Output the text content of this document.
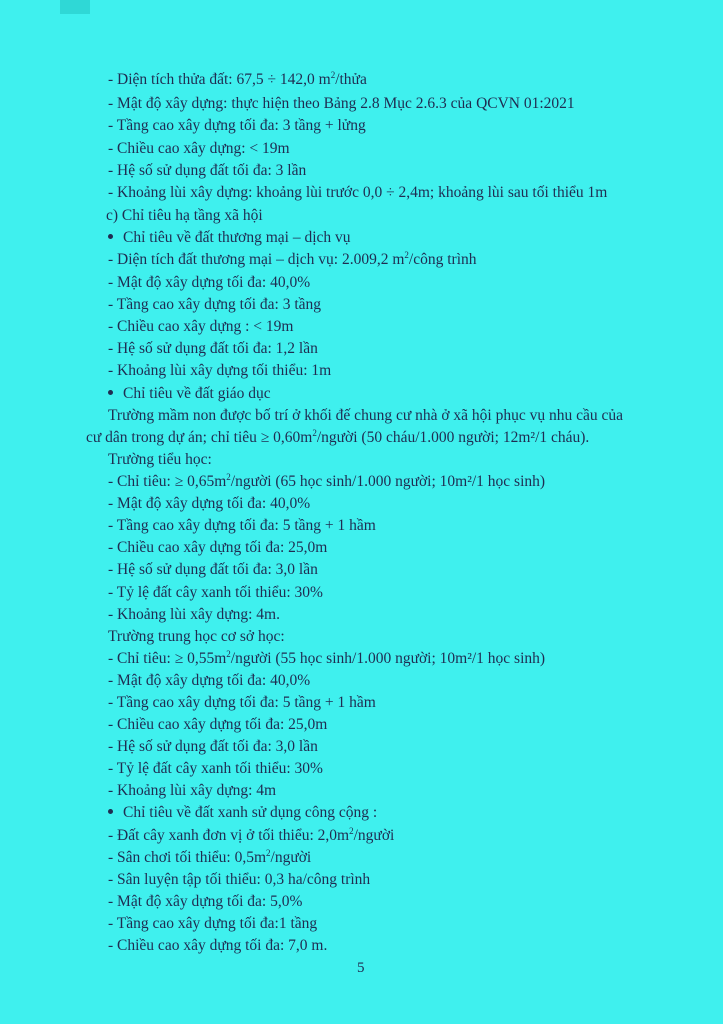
- Diện tích thửa đất: 67,5 ÷ 142,0 $m^2$/thửa
- Mật độ xây dựng: thực hiện theo Bảng 2.8 Mục 2.6.3 của QCVN 01:2021
- Tầng cao xây dựng tối đa: 3 tầng + lửng
- Chiều cao xây dựng: < 19m
- Hệ số sử dụng đất tối đa: 3 lần
- Khoảng lùi xây dựng: khoảng lùi trước 0,0 ÷ 2,4m; khoảng lùi sau tối thiểu 1m
c) Chỉ tiêu hạ tầng xã hội
Chỉ tiêu về đất thương mại – dịch vụ
- Diện tích đất thương mại – dịch vụ: 2.009,2 $m^2$/công trình
- Mật độ xây dựng tối đa: 40,0%
- Tầng cao xây dựng tối đa: 3 tầng
- Chiều cao xây dựng : < 19m
- Hệ số sử dụng đất tối đa: 1,2 lần
- Khoảng lùi xây dựng tối thiểu: 1m
Chỉ tiêu về đất giáo dục
Trường mầm non được bố trí ở khối đế chung cư nhà ở xã hội phục vụ nhu cầu của
cư dân trong dự án; chỉ tiêu ≥ $0,60m^2$/người (50 cháu/1.000 người; 12m²/1 cháu).
Trường tiểu học:
- Chỉ tiêu: ≥ $0,65m^2$/người (65 học sinh/1.000 người; 10m²/1 học sinh)
- Mật độ xây dựng tối đa: 40,0%
- Tầng cao xây dựng tối đa: 5 tầng + 1 hầm
- Chiều cao xây dựng tối đa: 25,0m
- Hệ số sử dụng đất tối đa: 3,0 lần
- Tỷ lệ đất cây xanh tối thiểu: 30%
- Khoảng lùi xây dựng: 4m.
Trường trung học cơ sở học:
- Chỉ tiêu: ≥ $0,55m^2$/người (55 học sinh/1.000 người; 10m²/1 học sinh)
- Mật độ xây dựng tối đa: 40,0%
- Tầng cao xây dựng tối đa: 5 tầng + 1 hầm
- Chiều cao xây dựng tối đa: 25,0m
- Hệ số sử dụng đất tối đa: 3,0 lần
- Tỷ lệ đất cây xanh tối thiểu: 30%
- Khoảng lùi xây dựng: 4m
Chỉ tiêu về đất xanh sử dụng công cộng :
- Đất cây xanh đơn vị ở tối thiểu: $2,0m^2$/người
- Sân chơi tối thiểu: $0,5m^2$/người
- Sân luyện tập tối thiểu: 0,3 ha/công trình
- Mật độ xây dựng tối đa: 5,0%
- Tầng cao xây dựng tối đa:1 tầng
- Chiều cao xây dựng tối đa: 7,0 m.
5
